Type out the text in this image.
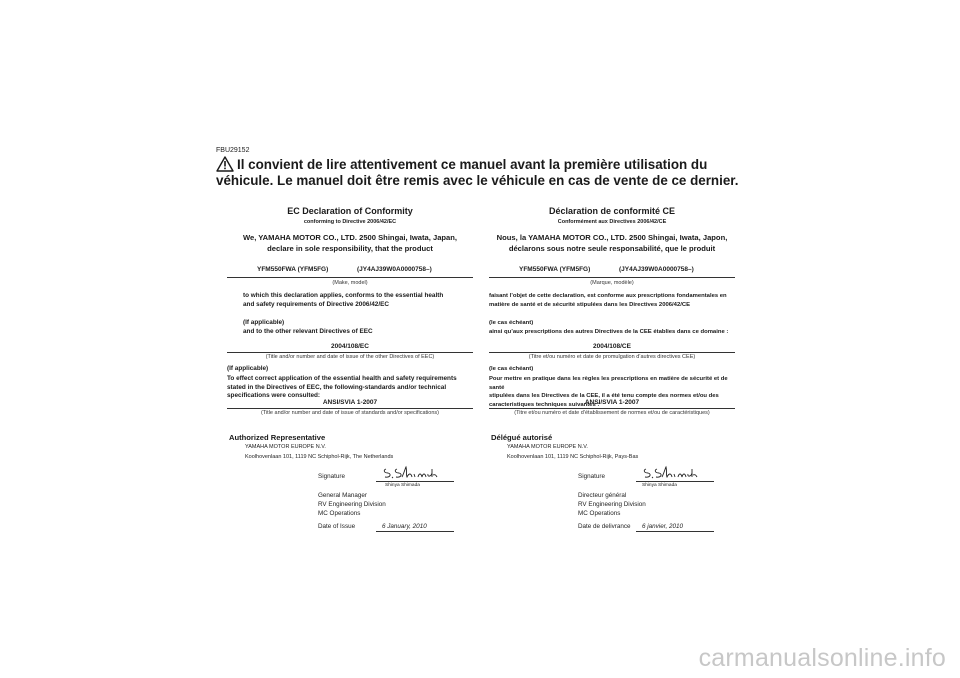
FBU29152
Il convient de lire attentivement ce manuel avant la première utilisation du véhicule. Le manuel doit être remis avec le véhicule en cas de vente de ce dernier.
EC Declaration of Conformity
conforming to Directive 2006/42/EC
We, YAMAHA MOTOR CO., LTD. 2500 Shingai, Iwata, Japan,
declare in sole responsibility, that the product
YFM550FWA (YFM5FG)	(JY4AJ39W0A0000758–)
(Make, model)
to which this declaration applies, conforms to the essential health
and safety requirements of Directive 2006/42/EC
(If applicable)
and to the other relevant Directives of EEC
2004/108/EC
(Title and/or number and date of issue of the other Directives of EEC)
(If applicable)
To effect correct application of the essential health and safety requirements
stated in the Directives of EEC, the following-standards and/or technical
specifications were consulted:
ANSI/SVIA 1-2007
(Title and/or number and date of issue of standards and/or specifications)
Authorized Representative
YAMAHA MOTOR EUROPE N.V.
Koolhovenlaan 101, 1119 NC Schiphol-Rijk, The Netherlands
Signature
Shinya Shimada
General Manager
RV Engineering Division
MC Operations
Date of Issue	6 January, 2010
Déclaration de conformité CE
Conformément aux Directives 2006/42/CE
Nous, la YAMAHA MOTOR CO., LTD. 2500 Shingai, Iwata, Japon,
déclarons sous notre seule responsabilité, que le produit
YFM550FWA (YFM5FG)	(JY4AJ39W0A0000758–)
(Marque, modèle)
faisant l’objet de cette declaration, est conforme aux prescriptions fondamentales en
matière de santé et de sécurité stipulées dans les Directives 2006/42/CE
(le cas échéant)
ainsi qu’aux prescriptions des autres Directives de la CEE établies dans ce domaine :
2004/108/CE
(Titre et/ou numéro et date de promulgation d’autres directives CEE)
(le cas échéant)
Pour mettre en pratique dans les règles les prescriptions en matière de sécurité et de santé
stipulées dans les Directives de la CEE, il a été tenu compte des normes et/ou des
caracteristiques techniques suivantes :
ANSI/SVIA 1-2007
(Titre et/ou numéro et date d’établissement de normes et/ou de caractéristiques)
Délégué autorisé
YAMAHA MOTOR EUROPE N.V.
Koolhovenlaan 101, 1119 NC Schiphol-Rijk, Pays-Bas
Signature
Shinya Shimada
Directeur général
RV Engineering Division
MC Operations
Date de delivrance 6 janvier, 2010
carmanualsonline.info
